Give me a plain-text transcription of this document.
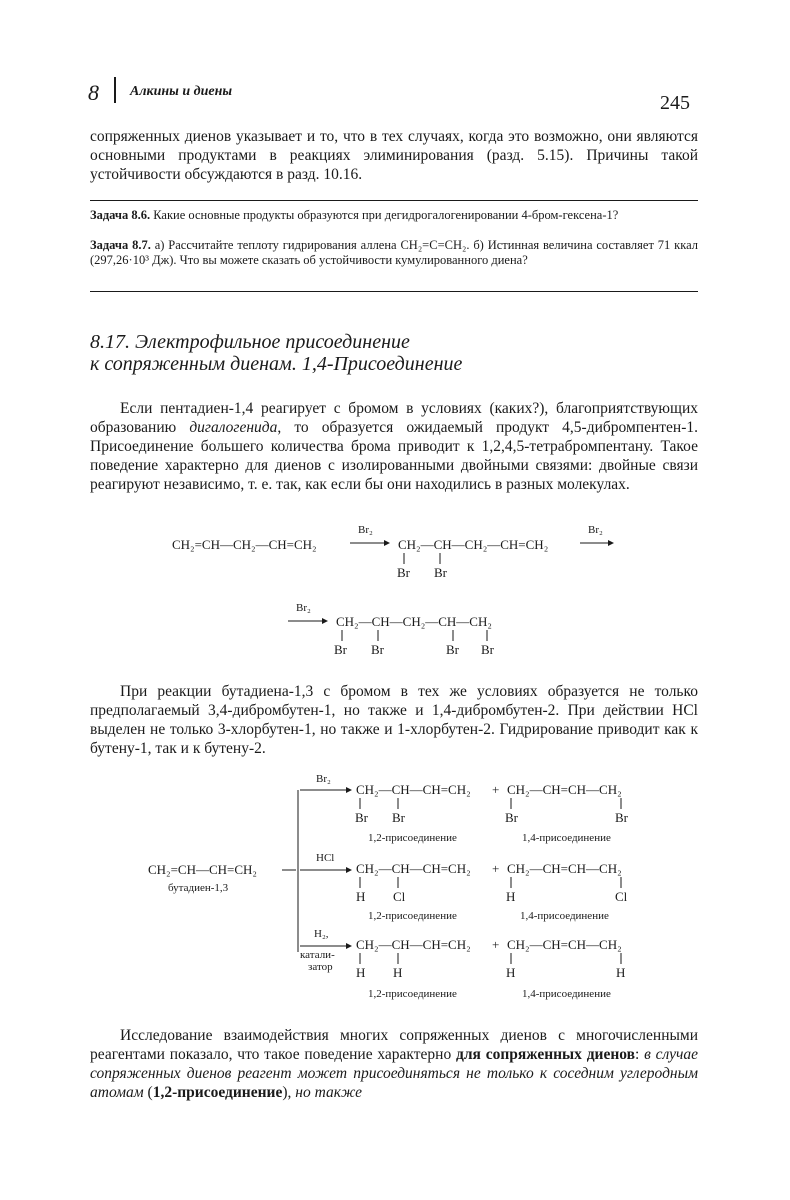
8 Алкины и диены
245
сопряженных диенов указывает и то, что в тех случаях, когда это возможно, они являются основными продуктами в реакциях элиминирования (разд. 5.15). Причины такой устойчивости обсуждаются в разд. 10.16.
Задача 8.6. Какие основные продукты образуются при дегидрогалогенировании 4-бром-гексена-1?
Задача 8.7. а) Рассчитайте теплоту гидрирования аллена CH₂=C=CH₂. б) Истинная величина составляет 71 ккал (297,26·10³ Дж). Что вы можете сказать об устойчивости кумулированного диена?
8.17. Электрофильное присоединение
к сопряженным диенам. 1,4-Присоединение
Если пентадиен-1,4 реагирует с бромом в условиях (каких?), благоприятствующих образованию дигалогенида, то образуется ожидаемый продукт 4,5-дибромпентен-1. Присоединение большего количества брома приводит к 1,2,4,5-тетрабромпентану. Такое поведение характерно для диенов с изолированными двойными связями: двойные связи реагируют независимо, т. е. так, как если бы они находились в разных молекулах.
CH₂=CH—CH₂—CH=CH₂
Br₂
→ CH₂—CH—CH₂—CH=CH₂
Br Br
Br₂
Br₂
→ CH₂—CH—CH₂—CH—CH₂
Br Br	Br Br
При реакции бутадиена-1,3 с бромом в тех же условиях образуется не только предполагаемый 3,4-дибромбутен-1, но также и 1,4-дибромбутен-2. При действии HCl выделен не только 3-хлорбутен-1, но также и 1-хлорбутен-2. Гидрирование приводит как к бутену-1, так и к бутену-2.
CH₂=CH—CH=CH₂
бутадиен-1,3
Br₂
CH₂—CH—CH=CH₂ + CH₂—CH=CH—CH₂
Br Br	Br	Br
1,2-присоединение	1,4-присоединение
HCl
CH₂—CH—CH=CH₂ + CH₂—CH=CH—CH₂
H Cl	H	Cl
1,2-присоединение	1,4-присоединение
H₂,
катали-
затор
CH₂—CH—CH=CH₂ + CH₂—CH=CH—CH₂
H H	H	H
1,2-присоединение	1,4-присоединение
Исследование взаимодействия многих сопряженных диенов с многочисленными реагентами показало, что такое поведение характерно для сопряженных диенов: в случае сопряженных диенов реагент может присоединяться не только к соседним углеродным атомам (1,2-присоединение), но также
